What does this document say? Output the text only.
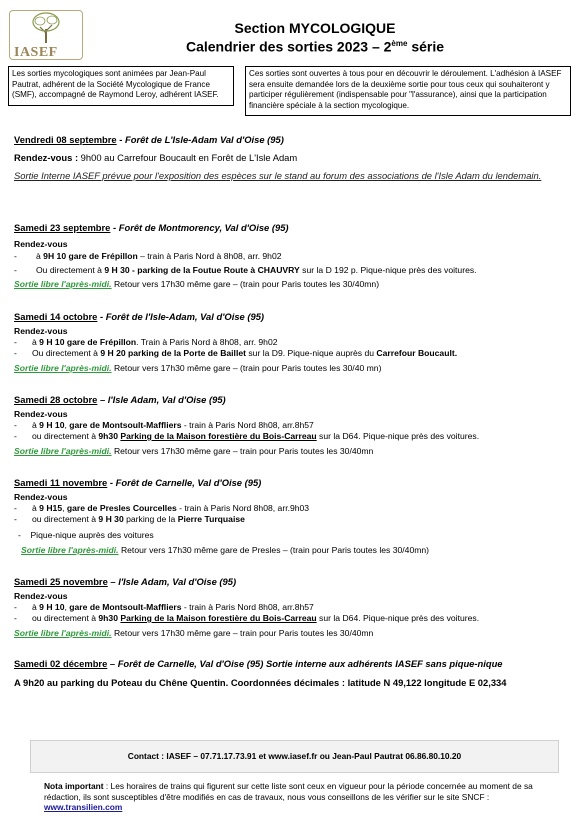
IASEF
Section MYCOLOGIQUE
Calendrier des sorties 2023 – 2ème série
Les sorties mycologiques sont animées par Jean-Paul Pautrat, adhérent de la Société Mycologique de France (SMF), accompagné de Raymond Leroy, adhérent IASEF.
Ces sorties sont ouvertes à tous pour en découvrir le déroulement. L'adhésion à IASEF sera ensuite demandée lors de la deuxième sortie pour tous ceux qui souhaiteront y participer régulièrement (indispensable pour "l'assurance), ainsi que la participation financière spéciale à la section mycologique.
Vendredi 08 septembre - Forêt de L'Isle-Adam Val d'Oise (95)
Rendez-vous : 9h00 au Carrefour Boucault en Forêt de L'Isle Adam
Sortie Interne IASEF prévue pour l'exposition des espèces sur le stand au forum des associations de l'Isle Adam du lendemain.
Samedi 23 septembre - Forêt de Montmorency, Val d'Oise (95)
Rendez-vous
- à 9H 10 gare de Frépillon – train à Paris Nord à 8h08, arr. 9h02
- Ou directement à 9 H 30 - parking de la Foutue Route à CHAUVRY sur la D 192 p. Pique-nique près des voitures.
Sortie libre l'après-midi. Retour vers 17h30 même gare – (train pour Paris toutes les 30/40mn)
Samedi 14 octobre - Forêt de l'Isle-Adam, Val d'Oise (95)
Rendez-vous
- à 9 H 10 gare de Frépillon. Train à Paris Nord à 8h08, arr. 9h02
- Ou directement à 9 H 20 parking de la Porte de Baillet sur la D9. Pique-nique auprès du Carrefour Boucault.
Sortie libre l'après-midi. Retour vers 17h30 même gare – (train pour Paris toutes les 30/40 mn)
Samedi 28 octobre – l'Isle Adam, Val d'Oise (95)
Rendez-vous
- à 9 H 10, gare de Montsoult-Maffliers - train à Paris Nord 8h08, arr.8h57
- ou directement à 9h30 Parking de la Maison forestière du Bois-Carreau sur la D64. Pique-nique près des voitures.
Sortie libre l'après-midi. Retour vers 17h30 même gare – train pour Paris toutes les 30/40mn
Samedi 11 novembre - Forêt de Carnelle, Val d'Oise (95)
Rendez-vous
- à 9 H15, gare de Presles Courcelles - train à Paris Nord 8h08, arr.9h03
- ou directement à 9 H 30 parking de la Pierre Turquaise
- Pique-nique auprès des voitures
Sortie libre l'après-midi. Retour vers 17h30 même gare de Presles – (train pour Paris toutes les 30/40mn)
Samedi 25 novembre – l'Isle Adam, Val d'Oise (95)
Rendez-vous
- à 9 H 10, gare de Montsoult-Maffliers - train à Paris Nord 8h08, arr.8h57
- ou directement à 9h30 Parking de la Maison forestière du Bois-Carreau sur la D64. Pique-nique près des voitures.
Sortie libre l'après-midi. Retour vers 17h30 même gare – train pour Paris toutes les 30/40mn
Samedi 02 décembre – Forêt de Carnelle, Val d'Oise (95) Sortie interne aux adhérents IASEF sans pique-nique
A 9h20 au parking du Poteau du Chêne Quentin. Coordonnées décimales : latitude N 49,122 longitude E 02,334
Contact : IASEF – 07.71.17.73.91 et www.iasef.fr ou Jean-Paul Pautrat 06.86.80.10.20
Nota important : Les horaires de trains qui figurent sur cette liste sont ceux en vigueur pour la période concernée au moment de sa rédaction, ils sont susceptibles d'être modifiés en cas de travaux, nous vous conseillons de les vérifier sur le site SNCF : www.transilien.com
